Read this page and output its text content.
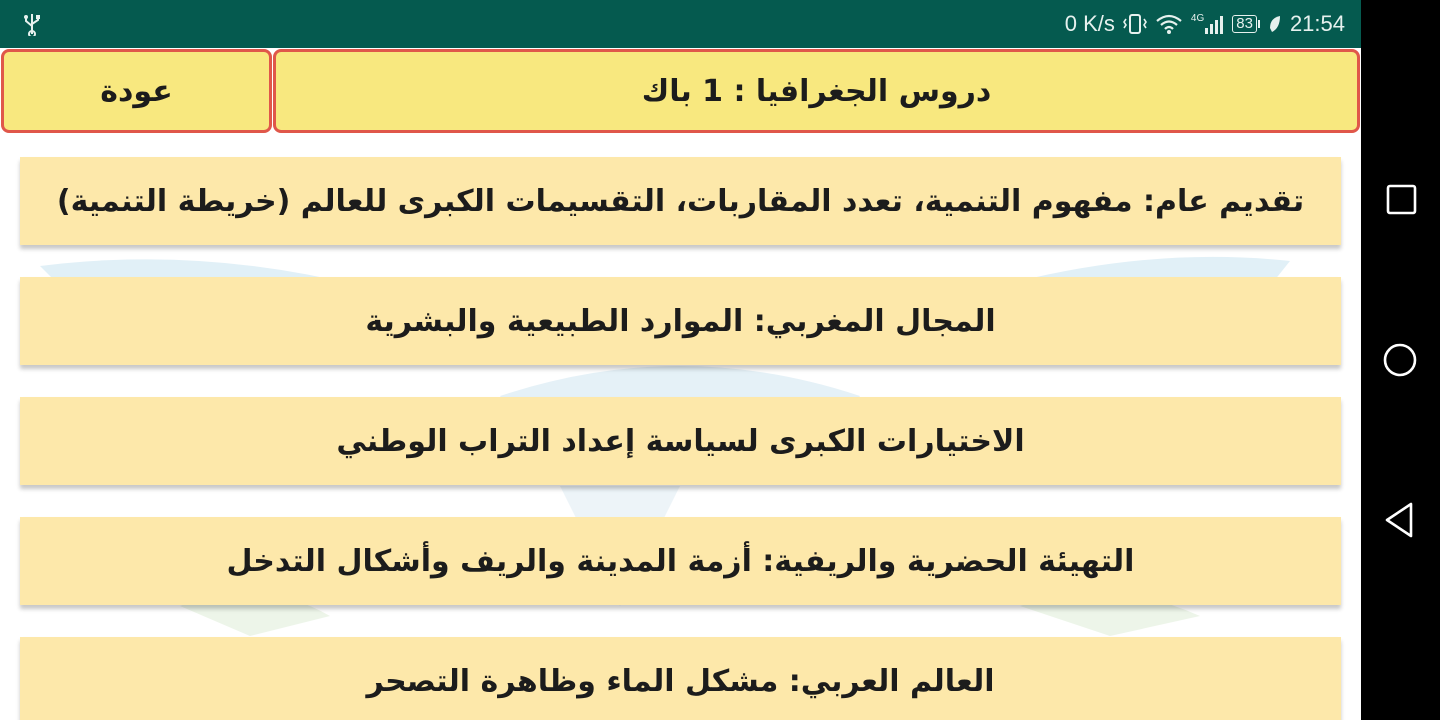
0 K/s	4G 83 21:54
عودة	دروس الجغرافيا : 1 باك
تقديم عام: مفهوم التنمية، تعدد المقاربات، التقسيمات الكبرى للعالم (خريطة التنمية)
المجال المغربي: الموارد الطبيعية والبشرية
الاختيارات الكبرى لسياسة إعداد التراب الوطني
التهيئة الحضرية والريفية: أزمة المدينة والريف وأشكال التدخل
العالم العربي: مشكل الماء وظاهرة التصحر
